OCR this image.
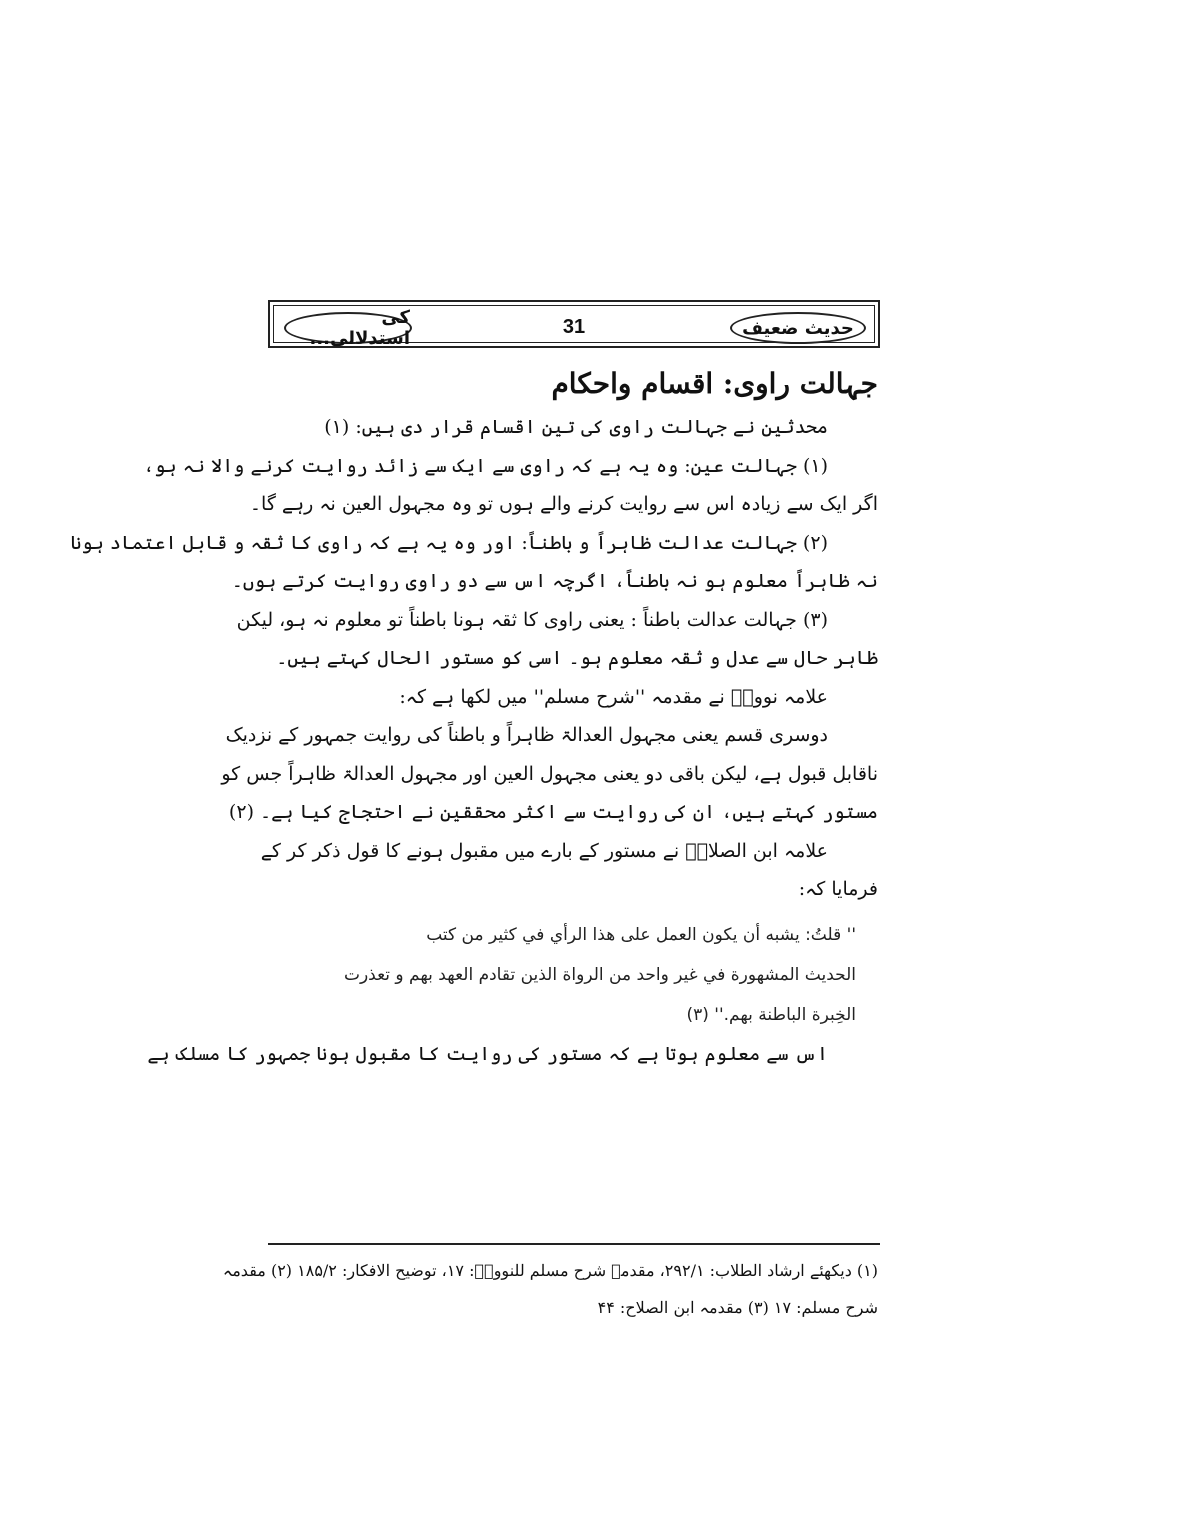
حديث ضعيف
31
كى استدلالى...
جہالت راوی: اقسام واحکام
محدثین نے جہالت راوی کی تین اقسام قرار دی ہیں: (۱)
(۱) جہالت عین: وہ یہ ہے کہ راوی سے ایک سے زائد روایت کرنے والا نہ ہو،
اگر ایک سے زیادہ اس سے روایت کرنے والے ہوں تو وہ مجہول العین نہ رہے گا۔
(۲) جہالت عدالت ظاہراً و باطناً: اور وہ یہ ہے کہ راوی کا ثقہ و قابل اعتماد ہونا
نہ ظاہراً معلوم ہو نہ باطناً، اگرچہ اس سے دو راوی روایت کرتے ہوں۔
(۳) جہالت عدالت باطناً : یعنی راوی کا ثقہ ہونا باطناً تو معلوم نہ ہو، لیکن
ظاہر حال سے عدل و ثقہ معلوم ہو۔ اسی کو مستور الحال کہتے ہیں۔
علامہ نوویؒ نے مقدمہ ''شرح مسلم'' میں لکھا ہے کہ:
دوسری قسم یعنی مجہول العدالۃ ظاہراً و باطناً کی روایت جمہور کے نزدیک
ناقابل قبول ہے، لیکن باقی دو یعنی مجہول العین اور مجہول العدالۃ ظاہراً جس کو
مستور کہتے ہیں، ان کی روایت سے اکثر محققین نے احتجاج کیا ہے۔ (۲)
علامہ ابن الصلاحؒ نے مستور کے بارے میں مقبول ہونے کا قول ذکر کر کے
فرمایا کہ:
'' قلتُ: يشبه أن يكون العمل على هذا الرأي في كثير من كتب
الحديث المشهورة في غير واحد من الرواة الذين تقادم العهد بهم و تعذرت
الخِبرة الباطنة بهم.'' (۳)
اس سے معلوم ہوتا ہے کہ مستور کی روایت کا مقبول ہونا جمہور کا مسلک ہے
(۱) دیکھئے ارشاد الطلاب: ۲۹۲/۱، مقدمہ شرح مسلم للنوویؒ: ۱۷، توضیح الافکار: ۱۸۵/۲ (۲) مقدمہ
شرح مسلم: ۱۷ (۳) مقدمہ ابن الصلاح: ۴۴
